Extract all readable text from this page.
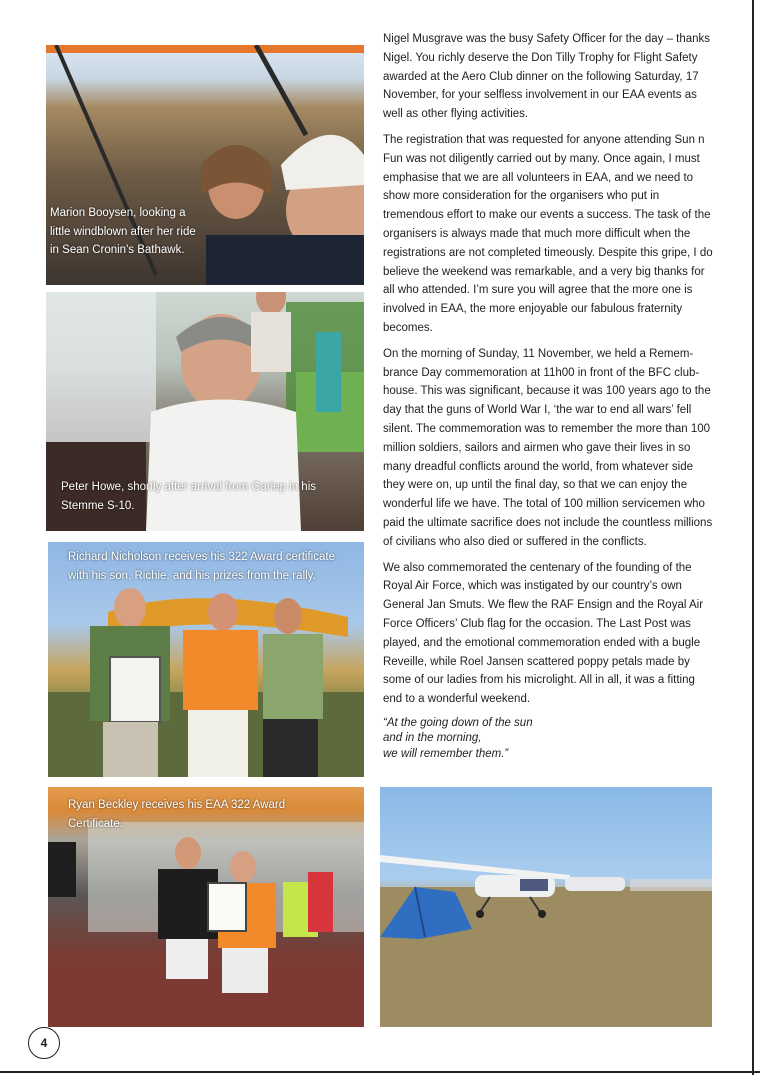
Marion Booysen, looking a little windblown after her ride in Sean Cronin's Bathawk.
Peter Howe, shortly after arrival from Gariep in his Stemme S-10.
Richard Nicholson receives his 322 Award certificate with his son, Richie, and his prizes from the rally.
Ryan Beckley receives his EAA 322 Award Certificate.

Nigel Musgrave was the busy Safety Officer for the day – thanks Nigel. You richly deserve the Don Tilly Trophy for Flight Safety awarded at the Aero Club dinner on the following Saturday, 17 November, for your selfless involvement in our EAA events as well as other flying activities.

The registration that was requested for anyone attending Sun n Fun was not diligently carried out by many. Once again, I must emphasise that we are all volunteers in EAA, and we need to show more consideration for the organisers who put in tremendous effort to make our events a success. The task of the organisers is always made that much more difficult when the registrations are not completed timeously. Despite this gripe, I do believe the weekend was remarkable, and a very big thanks for all who attended. I’m sure you will agree that the more one is involved in EAA, the more enjoyable our fabulous fraternity becomes.

On the morning of Sunday, 11 November, we held a Remem-brance Day commemoration at 11h00 in front of the BFC club-house. This was significant, because it was 100 years ago to the day that the guns of World War I, ‘the war to end all wars’ fell silent. The commemoration was to remember the more than 100 million soldiers, sailors and airmen who gave their lives in so many dreadful conflicts around the world, from whatever side they were on, up until the final day, so that we can enjoy the wonderful life we have. The total of 100 million servicemen who paid the ultimate sacrifice does not include the countless millions of civilians who also died or suffered in the conflicts.

We also commemorated the centenary of the founding of the Royal Air Force, which was instigated by our country’s own General Jan Smuts. We flew the RAF Ensign and the Royal Air Force Officers’ Club flag for the occasion. The Last Post was played, and the emotional commemoration ended with a bugle Reveille, while Roel Jansen scattered poppy petals made by some of our ladies from his microlight. All in all, it was a fitting end to a wonderful weekend.

“At the going down of the sun
and in the morning,
we will remember them.”
4
